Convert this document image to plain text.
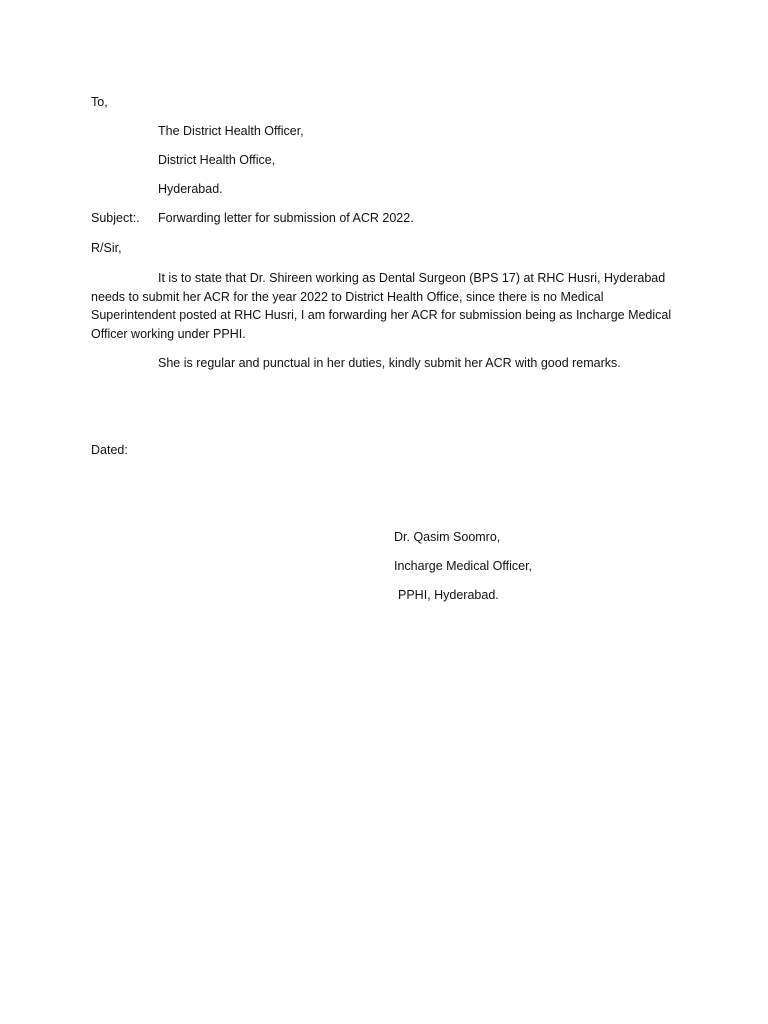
To,
The District Health Officer,
District Health Office,
Hyderabad.
Subject:. Forwarding letter for submission of ACR 2022.
R/Sir,
It is to state that Dr. Shireen working as Dental Surgeon (BPS 17) at RHC Husri, Hyderabad needs to submit her ACR for the year 2022 to District Health Office, since there is no Medical Superintendent posted at RHC Husri, I am forwarding her ACR for submission being as Incharge Medical Officer working under PPHI.
She is regular and punctual in her duties, kindly submit her ACR with good remarks.
Dated:
Dr. Qasim Soomro,
Incharge Medical Officer,
PPHI, Hyderabad.
